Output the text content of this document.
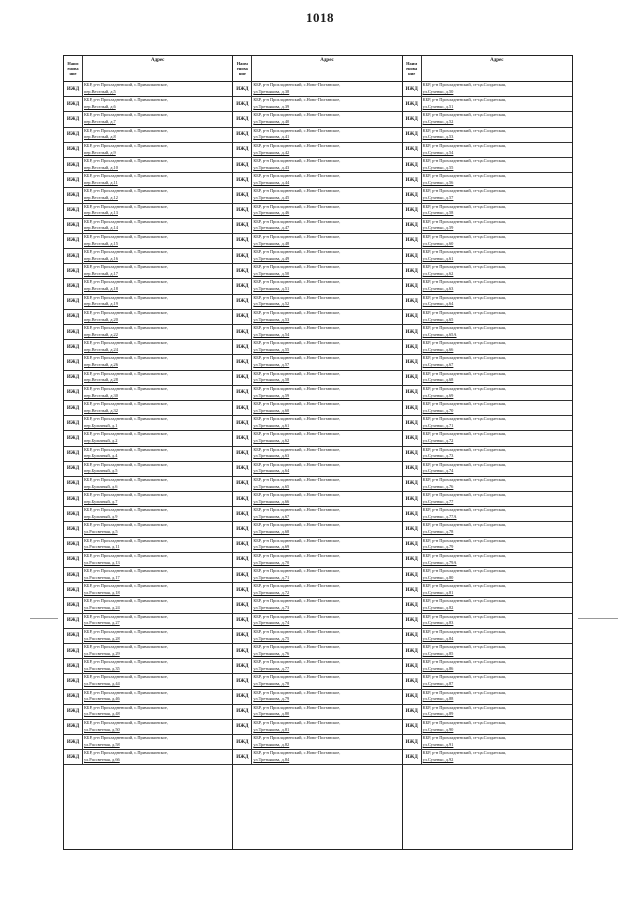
1018
Наим енова ние
Адрес
ИЖД
КБР, р-н Прохладненский, с.Прималкинское,
пер.Веселый, д.5
ИЖД
КБР, р-н Прохладненский, с.Прималкинское,
пер.Веселый, д.6
ИЖД
КБР, р-н Прохладненский, с.Прималкинское,
пер.Веселый, д.7
ИЖД
КБР, р-н Прохладненский, с.Прималкинское,
пер.Веселый, д.8
ИЖД
КБР, р-н Прохладненский, с.Прималкинское,
пер.Веселый, д.9
ИЖД
КБР, р-н Прохладненский, с.Прималкинское,
пер.Веселый, д.10
ИЖД
КБР, р-н Прохладненский, с.Прималкинское,
пер.Веселый, д.11
ИЖД
КБР, р-н Прохладненский, с.Прималкинское,
пер.Веселый, д.12
ИЖД
КБР, р-н Прохладненский, с.Прималкинское,
пер.Веселый, д.13
ИЖД
КБР, р-н Прохладненский, с.Прималкинское,
пер.Веселый, д.14
ИЖД
КБР, р-н Прохладненский, с.Прималкинское,
пер.Веселый, д.15
ИЖД
КБР, р-н Прохладненский, с.Прималкинское,
пер.Веселый, д.16
ИЖД
КБР, р-н Прохладненский, с.Прималкинское,
пер.Веселый, д.17
ИЖД
КБР, р-н Прохладненский, с.Прималкинское,
пер.Веселый, д.18
ИЖД
КБР, р-н Прохладненский, с.Прималкинское,
пер.Веселый, д.19
ИЖД
КБР, р-н Прохладненский, с.Прималкинское,
пер.Веселый, д.20
ИЖД
КБР, р-н Прохладненский, с.Прималкинское,
пер.Веселый, д.22
ИЖД
КБР, р-н Прохладненский, с.Прималкинское,
пер.Веселый, д.24
ИЖД
КБР, р-н Прохладненский, с.Прималкинское,
пер.Веселый, д.26
ИЖД
КБР, р-н Прохладненский, с.Прималкинское,
пер.Веселый, д.28
ИЖД
КБР, р-н Прохладненский, с.Прималкинское,
пер.Веселый, д.30
ИЖД
КБР, р-н Прохладненский, с.Прималкинское,
пер.Веселый, д.32
ИЖД
КБР, р-н Прохладненский, с.Прималкинское,
пер.Бульчный, д.1
ИЖД
КБР, р-н Прохладненский, с.Прималкинское,
пер.Бульчный, д.2
ИЖД
КБР, р-н Прохладненский, с.Прималкинское,
пер.Бульчный, д.4
ИЖД
КБР, р-н Прохладненский, с.Прималкинское,
пер.Бульчный, д.5
ИЖД
КБР, р-н Прохладненский, с.Прималкинское,
пер.Бульчный, д.6
ИЖД
КБР, р-н Прохладненский, с.Прималкинское,
пер.Бульчный, д.7
ИЖД
КБР, р-н Прохладненский, с.Прималкинское,
пер.Бульчный, д.9
ИЖД
КБР, р-н Прохладненский, с.Прималкинское,
ул.Рассветная, д.5
ИЖД
КБР, р-н Прохладненский, с.Прималкинское,
ул.Рассветная, д.11
ИЖД
КБР, р-н Прохладненский, с.Прималкинское,
ул.Рассветная, д.13
ИЖД
КБР, р-н Прохладненский, с.Прималкинское,
ул.Рассветная, д.17
ИЖД
КБР, р-н Прохладненский, с.Прималкинское,
ул.Рассветная, д.18
ИЖД
КБР, р-н Прохладненский, с.Прималкинское,
ул.Рассветная, д.24
ИЖД
КБР, р-н Прохладненский, с.Прималкинское,
ул.Рассветная, д.27
ИЖД
КБР, р-н Прохладненский, с.Прималкинское,
ул.Рассветная, д.28
ИЖД
КБР, р-н Прохладненский, с.Прималкинское,
ул.Рассветная, д.29
ИЖД
КБР, р-н Прохладненский, с.Прималкинское,
ул.Рассветная, д.35
ИЖД
КБР, р-н Прохладненский, с.Прималкинское,
ул.Рассветная, д.44
ИЖД
КБР, р-н Прохладненский, с.Прималкинское,
ул.Рассветная, д.46
ИЖД
КБР, р-н Прохладненский, с.Прималкинское,
ул.Рассветная, д.48
ИЖД
КБР, р-н Прохладненский, с.Прималкинское,
ул.Рассветная, д.50
ИЖД
КБР, р-н Прохладненский, с.Прималкинское,
ул.Рассветная, д.58
ИЖД
КБР, р-н Прохладненский, с.Прималкинское,
ул.Рассветная, д.66
Наим енова ние
Адрес
ИЖД
КБР, р-н Прохладненский, с.Ново-Полтавское,
ул.Третьякова, д.38
ИЖД
КБР, р-н Прохладненский, с.Ново-Полтавское,
ул.Третьякова, д.39
ИЖД
КБР, р-н Прохладненский, с.Ново-Полтавское,
ул.Третьякова, д.40
ИЖД
КБР, р-н Прохладненский, с.Ново-Полтавское,
ул.Третьякова, д.41
ИЖД
КБР, р-н Прохладненский, с.Ново-Полтавское,
ул.Третьякова, д.42
ИЖД
КБР, р-н Прохладненский, с.Ново-Полтавское,
ул.Третьякова, д.43
ИЖД
КБР, р-н Прохладненский, с.Ново-Полтавское,
ул.Третьякова, д.44
ИЖД
КБР, р-н Прохладненский, с.Ново-Полтавское,
ул.Третьякова, д.45
ИЖД
КБР, р-н Прохладненский, с.Ново-Полтавское,
ул.Третьякова, д.46
ИЖД
КБР, р-н Прохладненский, с.Ново-Полтавское,
ул.Третьякова, д.47
ИЖД
КБР, р-н Прохладненский, с.Ново-Полтавское,
ул.Третьякова, д.48
ИЖД
КБР, р-н Прохладненский, с.Ново-Полтавское,
ул.Третьякова, д.49
ИЖД
КБР, р-н Прохладненский, с.Ново-Полтавское,
ул.Третьякова, д.50
ИЖД
КБР, р-н Прохладненский, с.Ново-Полтавское,
ул.Третьякова, д.51
ИЖД
КБР, р-н Прохладненский, с.Ново-Полтавское,
ул.Третьякова, д.52
ИЖД
КБР, р-н Прохладненский, с.Ново-Полтавское,
ул.Третьякова, д.53
ИЖД
КБР, р-н Прохладненский, с.Ново-Полтавское,
ул.Третьякова, д.54
ИЖД
КБР, р-н Прохладненский, с.Ново-Полтавское,
ул.Третьякова, д.55
ИЖД
КБР, р-н Прохладненский, с.Ново-Полтавское,
ул.Третьякова, д.57
ИЖД
КБР, р-н Прохладненский, с.Ново-Полтавское,
ул.Третьякова, д.58
ИЖД
КБР, р-н Прохладненский, с.Ново-Полтавское,
ул.Третьякова, д.59
ИЖД
КБР, р-н Прохладненский, с.Ново-Полтавское,
ул.Третьякова, д.60
ИЖД
КБР, р-н Прохладненский, с.Ново-Полтавское,
ул.Третьякова, д.61
ИЖД
КБР, р-н Прохладненский, с.Ново-Полтавское,
ул.Третьякова, д.62
ИЖД
КБР, р-н Прохладненский, с.Ново-Полтавское,
ул.Третьякова, д.63
ИЖД
КБР, р-н Прохладненский, с.Ново-Полтавское,
ул.Третьякова, д.64
ИЖД
КБР, р-н Прохладненский, с.Ново-Полтавское,
ул.Третьякова, д.65
ИЖД
КБР, р-н Прохладненский, с.Ново-Полтавское,
ул.Третьякова, д.66
ИЖД
КБР, р-н Прохладненский, с.Ново-Полтавское,
ул.Третьякова, д.67
ИЖД
КБР, р-н Прохладненский, с.Ново-Полтавское,
ул.Третьякова, д.68
ИЖД
КБР, р-н Прохладненский, с.Ново-Полтавское,
ул.Третьякова, д.69
ИЖД
КБР, р-н Прохладненский, с.Ново-Полтавское,
ул.Третьякова, д.70
ИЖД
КБР, р-н Прохладненский, с.Ново-Полтавское,
ул.Третьякова, д.71
ИЖД
КБР, р-н Прохладненский, с.Ново-Полтавское,
ул.Третьякова, д.72
ИЖД
КБР, р-н Прохладненский, с.Ново-Полтавское,
ул.Третьякова, д.73
ИЖД
КБР, р-н Прохладненский, с.Ново-Полтавское,
ул.Третьякова, д.74
ИЖД
КБР, р-н Прохладненский, с.Ново-Полтавское,
ул.Третьякова, д.75
ИЖД
КБР, р-н Прохладненский, с.Ново-Полтавское,
ул.Третьякова, д.76
ИЖД
КБР, р-н Прохладненский, с.Ново-Полтавское,
ул.Третьякова, д.77
ИЖД
КБР, р-н Прохладненский, с.Ново-Полтавское,
ул.Третьякова, д.78
ИЖД
КБР, р-н Прохладненский, с.Ново-Полтавское,
ул.Третьякова, д.79
ИЖД
КБР, р-н Прохладненский, с.Ново-Полтавское,
ул.Третьякова, д.80
ИЖД
КБР, р-н Прохладненский, с.Ново-Полтавское,
ул.Третьякова, д.81
ИЖД
КБР, р-н Прохладненский, с.Ново-Полтавское,
ул.Третьякова, д.82
ИЖД
КБР, р-н Прохладненский, с.Ново-Полтавское,
ул.Третьякова, д.84
Наим енова ние
Адрес
ИЖД
КБР, р-н Прохладненский, ст-ца.Солдатская,
ул.Сухенко, д.50
ИЖД
КБР, р-н Прохладненский, ст-ца.Солдатская,
ул.Сухенко, д.51
ИЖД
КБР, р-н Прохладненский, ст-ца.Солдатская,
ул.Сухенко, д.52
ИЖД
КБР, р-н Прохладненский, ст-ца.Солдатская,
ул.Сухенко, д.53
ИЖД
КБР, р-н Прохладненский, ст-ца.Солдатская,
ул.Сухенко, д.54
ИЖД
КБР, р-н Прохладненский, ст-ца.Солдатская,
ул.Сухенко, д.55
ИЖД
КБР, р-н Прохладненский, ст-ца.Солдатская,
ул.Сухенко, д.56
ИЖД
КБР, р-н Прохладненский, ст-ца.Солдатская,
ул.Сухенко, д.57
ИЖД
КБР, р-н Прохладненский, ст-ца.Солдатская,
ул.Сухенко, д.58
ИЖД
КБР, р-н Прохладненский, ст-ца.Солдатская,
ул.Сухенко, д.59
ИЖД
КБР, р-н Прохладненский, ст-ца.Солдатская,
ул.Сухенко, д.60
ИЖД
КБР, р-н Прохладненский, ст-ца.Солдатская,
ул.Сухенко, д.61
ИЖД
КБР, р-н Прохладненский, ст-ца.Солдатская,
ул.Сухенко, д.62
ИЖД
КБР, р-н Прохладненский, ст-ца.Солдатская,
ул.Сухенко, д.63
ИЖД
КБР, р-н Прохладненский, ст-ца.Солдатская,
ул.Сухенко, д.64
ИЖД
КБР, р-н Прохладненский, ст-ца.Солдатская,
ул.Сухенко, д.65
ИЖД
КБР, р-н Прохладненский, ст-ца.Солдатская,
ул.Сухенко, д.65А
ИЖД
КБР, р-н Прохладненский, ст-ца.Солдатская,
ул.Сухенко, д.66
ИЖД
КБР, р-н Прохладненский, ст-ца.Солдатская,
ул.Сухенко, д.67
ИЖД
КБР, р-н Прохладненский, ст-ца.Солдатская,
ул.Сухенко, д.68
ИЖД
КБР, р-н Прохладненский, ст-ца.Солдатская,
ул.Сухенко, д.69
ИЖД
КБР, р-н Прохладненский, ст-ца.Солдатская,
ул.Сухенко, д.70
ИЖД
КБР, р-н Прохладненский, ст-ца.Солдатская,
ул.Сухенко, д.71
ИЖД
КБР, р-н Прохладненский, ст-ца.Солдатская,
ул.Сухенко, д.72
ИЖД
КБР, р-н Прохладненский, ст-ца.Солдатская,
ул.Сухенко, д.73
ИЖД
КБР, р-н Прохладненский, ст-ца.Солдатская,
ул.Сухенко, д.74
ИЖД
КБР, р-н Прохладненский, ст-ца.Солдатская,
ул.Сухенко, д.76
ИЖД
КБР, р-н Прохладненский, ст-ца.Солдатская,
ул.Сухенко, д.77
ИЖД
КБР, р-н Прохладненский, ст-ца.Солдатская,
ул.Сухенко, д.77А
ИЖД
КБР, р-н Прохладненский, ст-ца.Солдатская,
ул.Сухенко, д.78
ИЖД
КБР, р-н Прохладненский, ст-ца.Солдатская,
ул.Сухенко, д.79
ИЖД
КБР, р-н Прохладненский, ст-ца.Солдатская,
ул.Сухенко, д.79А
ИЖД
КБР, р-н Прохладненский, ст-ца.Солдатская,
ул.Сухенко, д.80
ИЖД
КБР, р-н Прохладненский, ст-ца.Солдатская,
ул.Сухенко, д.81
ИЖД
КБР, р-н Прохладненский, ст-ца.Солдатская,
ул.Сухенко, д.82
ИЖД
КБР, р-н Прохладненский, ст-ца.Солдатская,
ул.Сухенко, д.83
ИЖД
КБР, р-н Прохладненский, ст-ца.Солдатская,
ул.Сухенко, д.84
ИЖД
КБР, р-н Прохладненский, ст-ца.Солдатская,
ул.Сухенко, д.85
ИЖД
КБР, р-н Прохладненский, ст-ца.Солдатская,
ул.Сухенко, д.86
ИЖД
КБР, р-н Прохладненский, ст-ца.Солдатская,
ул.Сухенко, д.87
ИЖД
КБР, р-н Прохладненский, ст-ца.Солдатская,
ул.Сухенко, д.88
ИЖД
КБР, р-н Прохладненский, ст-ца.Солдатская,
ул.Сухенко, д.89
ИЖД
КБР, р-н Прохладненский, ст-ца.Солдатская,
ул.Сухенко, д.90
ИЖД
КБР, р-н Прохладненский, ст-ца.Солдатская,
ул.Сухенко, д.91
ИЖД
КБР, р-н Прохладненский, ст-ца.Солдатская,
ул.Сухенко, д.92
